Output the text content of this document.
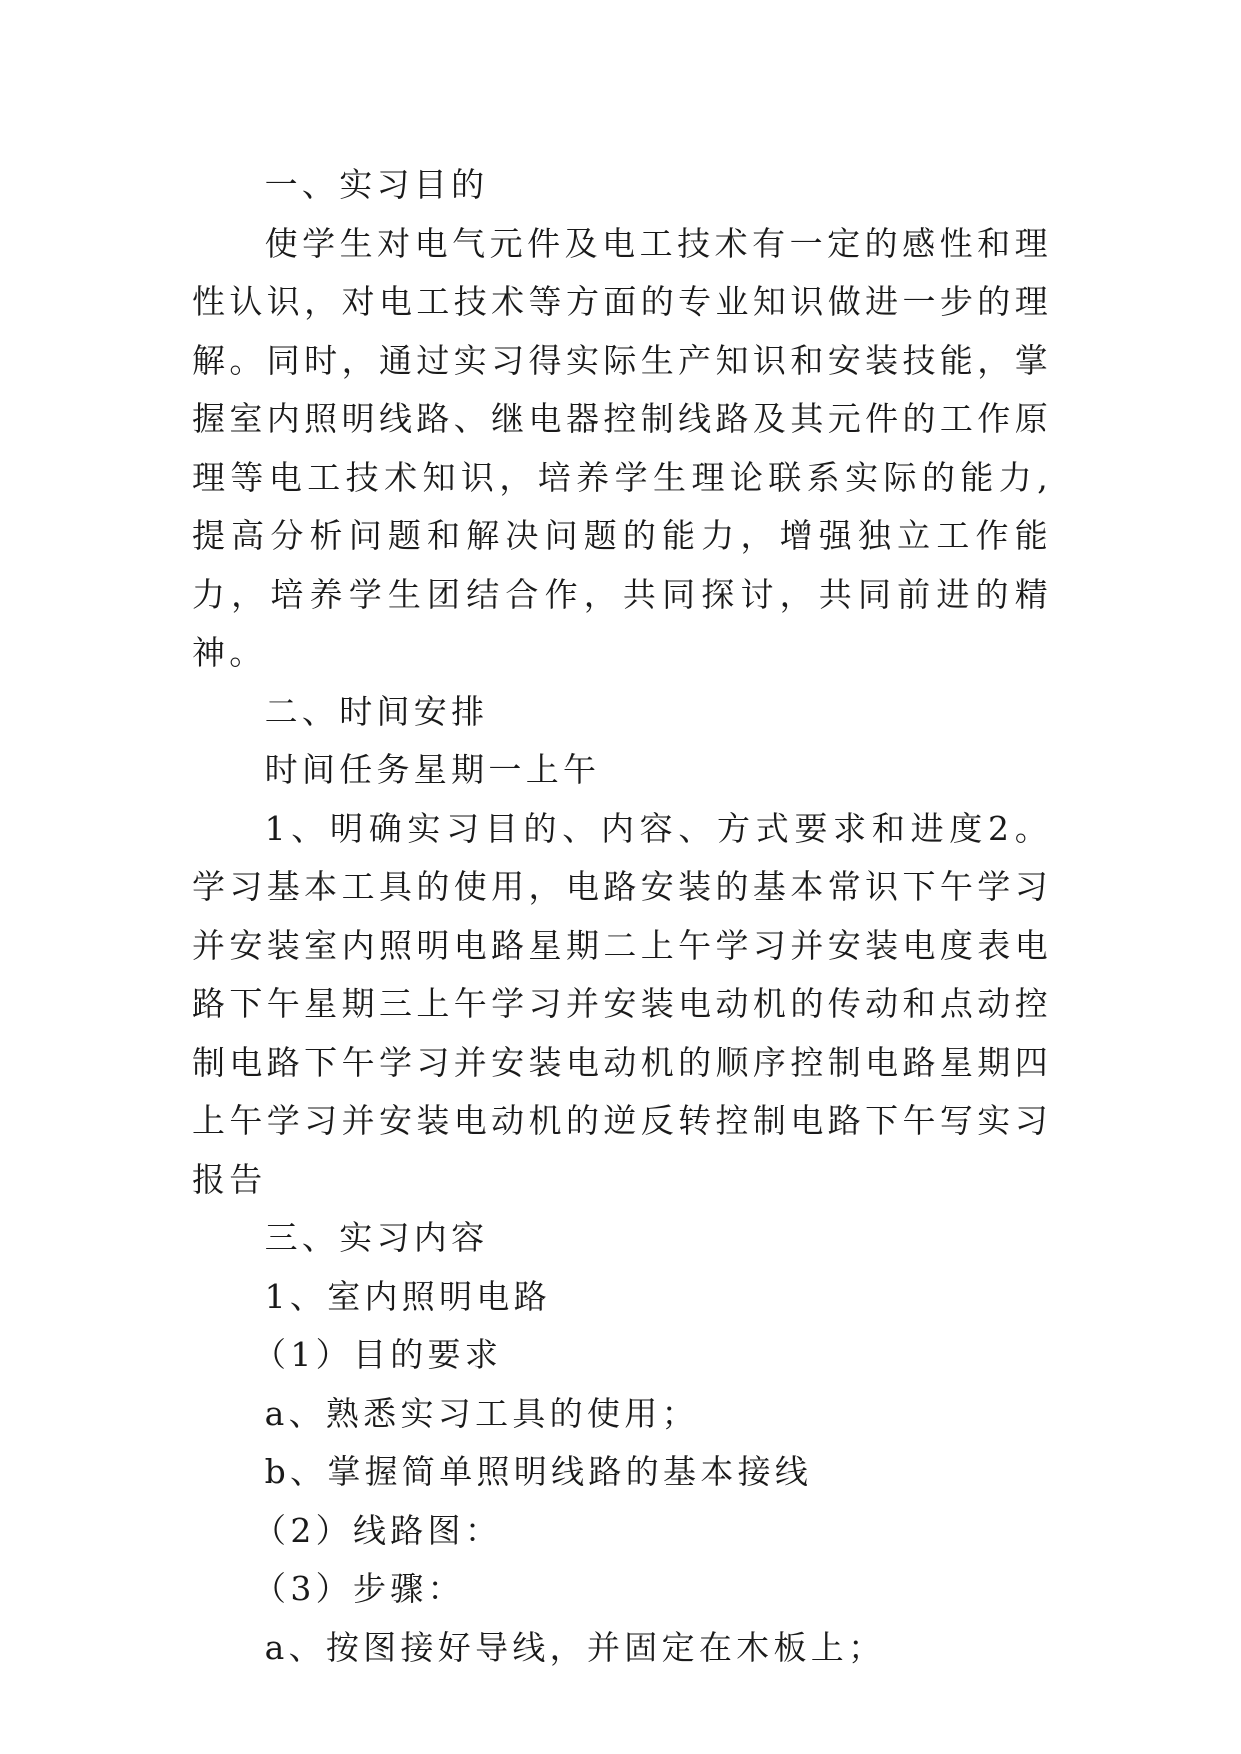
一、实习目的

使学生对电气元件及电工技术有一定的感性和理性认识，对电工技术等方面的专业知识做进一步的理解。同时，通过实习得实际生产知识和安装技能，掌握室内照明线路、继电器控制线路及其元件的工作原理等电工技术知识，培养学生理论联系实际的能力,提高分析问题和解决问题的能力，增强独立工作能力，培养学生团结合作，共同探讨，共同前进的精神。

二、时间安排

时间任务星期一上午

1、明确实习目的、内容、方式要求和进度2。学习基本工具的使用，电路安装的基本常识下午学习并安装室内照明电路星期二上午学习并安装电度表电路下午星期三上午学习并安装电动机的传动和点动控制电路下午学习并安装电动机的顺序控制电路星期四上午学习并安装电动机的逆反转控制电路下午写实习报告

三、实习内容

1、室内照明电路

（1）目的要求

a、熟悉实习工具的使用；

b、掌握简单照明线路的基本接线

（2）线路图：

（3）步骤：

a、按图接好导线，并固定在木板上；
